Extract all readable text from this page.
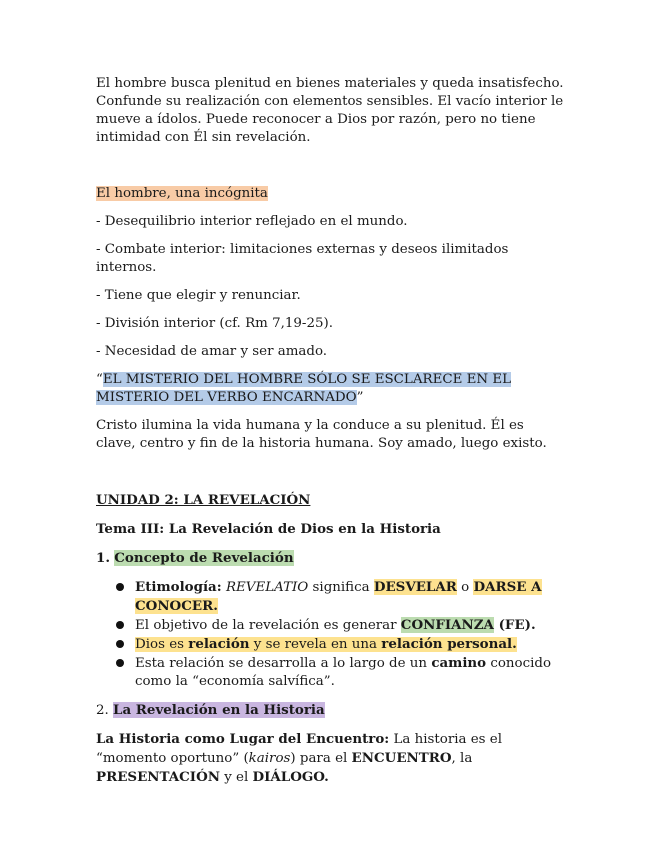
El hombre busca plenitud en bienes materiales y queda insatisfecho. Confunde su realización con elementos sensibles. El vacío interior le mueve a ídolos. Puede reconocer a Dios por razón, pero no tiene intimidad con Él sin revelación.

El hombre, una incógnita

- Desequilibrio interior reflejado en el mundo.

- Combate interior: limitaciones externas y deseos ilimitados internos.

- Tiene que elegir y renunciar.

- División interior (cf. Rm 7,19-25).

- Necesidad de amar y ser amado.

“EL MISTERIO DEL HOMBRE SÓLO SE ESCLARECE EN EL MISTERIO DEL VERBO ENCARNADO”

Cristo ilumina la vida humana y la conduce a su plenitud. Él es clave, centro y fin de la historia humana. Soy amado, luego existo.

UNIDAD 2: LA REVELACIÓN

Tema III: La Revelación de Dios en la Historia

1. Concepto de Revelación

Etimología: REVELATIO significa DESVELAR o DARSE A CONOCER.
El objetivo de la revelación es generar CONFIANZA (FE).
Dios es relación y se revela en una relación personal.
Esta relación se desarrolla a lo largo de un camino conocido como la “economía salvífica”.

2. La Revelación en la Historia

La Historia como Lugar del Encuentro: La historia es el “momento oportuno” (kairos) para el ENCUENTRO, la PRESENTACIÓN y el DIÁLOGO.
